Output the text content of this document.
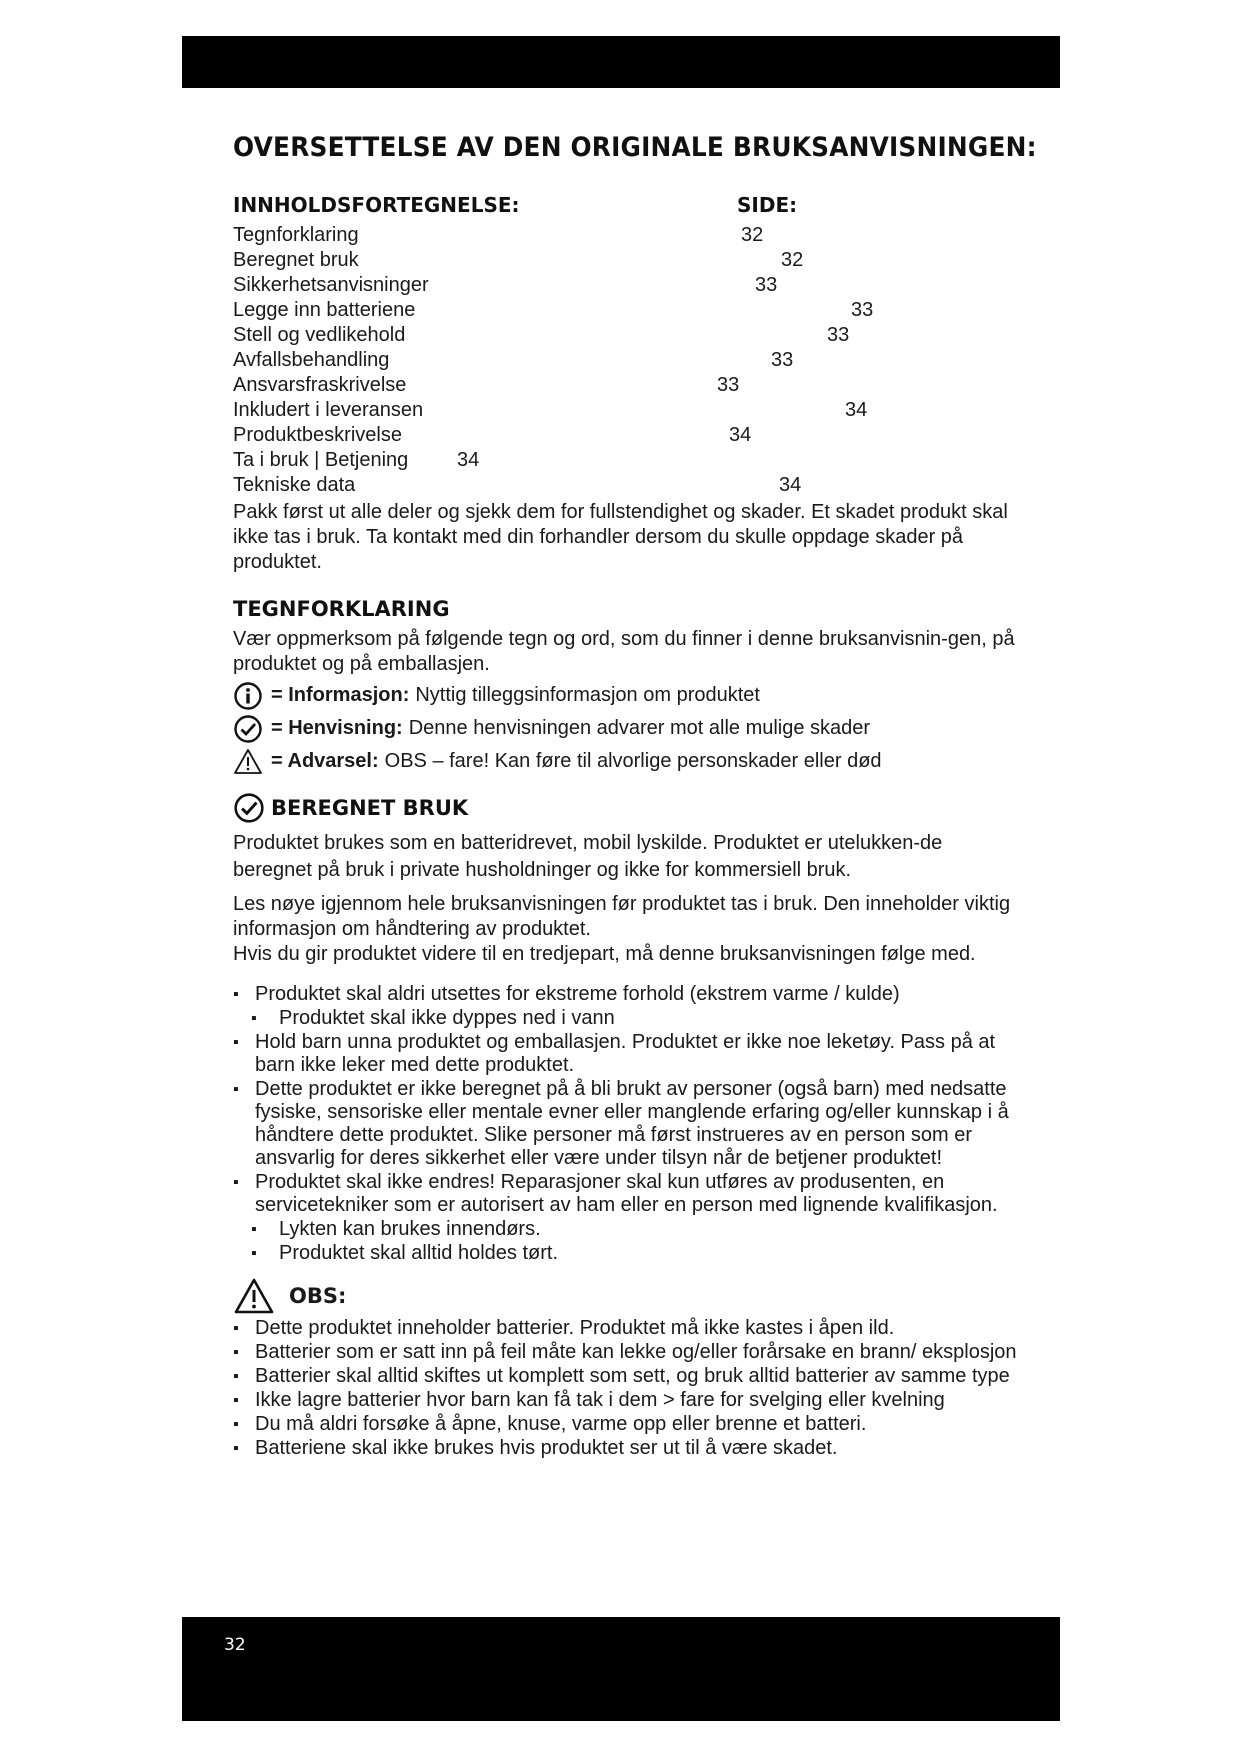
OVERSETTELSE AV DEN ORIGINALE BRUKSANVISNINGEN:
INNHOLDSFORTEGNELSE:	SIDE:
Tegnforklaring	32
Beregnet bruk	32
Sikkerhetsanvisninger	33
Legge inn batteriene	33
Stell og vedlikehold	33
Avfallsbehandling	33
Ansvarsfraskrivelse	33
Inkludert i leveransen	34
Produktbeskrivelse	34
Ta i bruk | Betjening 34
Tekniske data	34

Pakk først ut alle deler og sjekk dem for fullstendighet og skader. Et skadet produkt skal ikke tas i bruk. Ta kontakt med din forhandler dersom du skulle oppdage skader på produktet.

TEGNFORKLARING

Vær oppmerksom på følgende tegn og ord, som du finner i denne bruksanvisnin-gen, på produktet og på emballasjen.

= Informasjon: Nyttig tilleggsinformasjon om produktet
= Henvisning: Denne henvisningen advarer mot alle mulige skader
= Advarsel: OBS – fare! Kan føre til alvorlige personskader eller død
BEREGNET BRUK

Produktet brukes som en batteridrevet, mobil lyskilde. Produktet er utelukken-de beregnet på bruk i private husholdninger og ikke for kommersiell bruk.

Les nøye igjennom hele bruksanvisningen før produktet tas i bruk. Den inneholder viktig informasjon om håndtering av produktet.

Hvis du gir produktet videre til en tredjepart, må denne bruksanvisningen følge med.

▪ Produktet skal aldri utsettes for ekstreme forhold (ekstrem varme / kulde)
▪ Produktet skal ikke dyppes ned i vann
▪ Hold barn unna produktet og emballasjen. Produktet er ikke noe leketøy. Pass på at barn ikke leker med dette produktet.
▪ Dette produktet er ikke beregnet på å bli brukt av personer (også barn) med nedsatte fysiske, sensoriske eller mentale evner eller manglende erfaring og/eller kunnskap i å håndtere dette produktet. Slike personer må først instrueres av en person som er ansvarlig for deres sikkerhet eller være under tilsyn når de betjener produktet!
▪ Produktet skal ikke endres! Reparasjoner skal kun utføres av produsenten, en servicetekniker som er autorisert av ham eller en person med lignende kvalifikasjon.
▪ Lykten kan brukes innendørs.
▪ Produktet skal alltid holdes tørt.
OBS:
▪ Dette produktet inneholder batterier. Produktet må ikke kastes i åpen ild.
▪ Batterier som er satt inn på feil måte kan lekke og/eller forårsake en brann/ eksplosjon
▪ Batterier skal alltid skiftes ut komplett som sett, og bruk alltid batterier av samme type
▪ Ikke lagre batterier hvor barn kan få tak i dem > fare for svelging eller kvelning
▪ Du må aldri forsøke å åpne, knuse, varme opp eller brenne et batteri.
▪ Batteriene skal ikke brukes hvis produktet ser ut til å være skadet.
32
